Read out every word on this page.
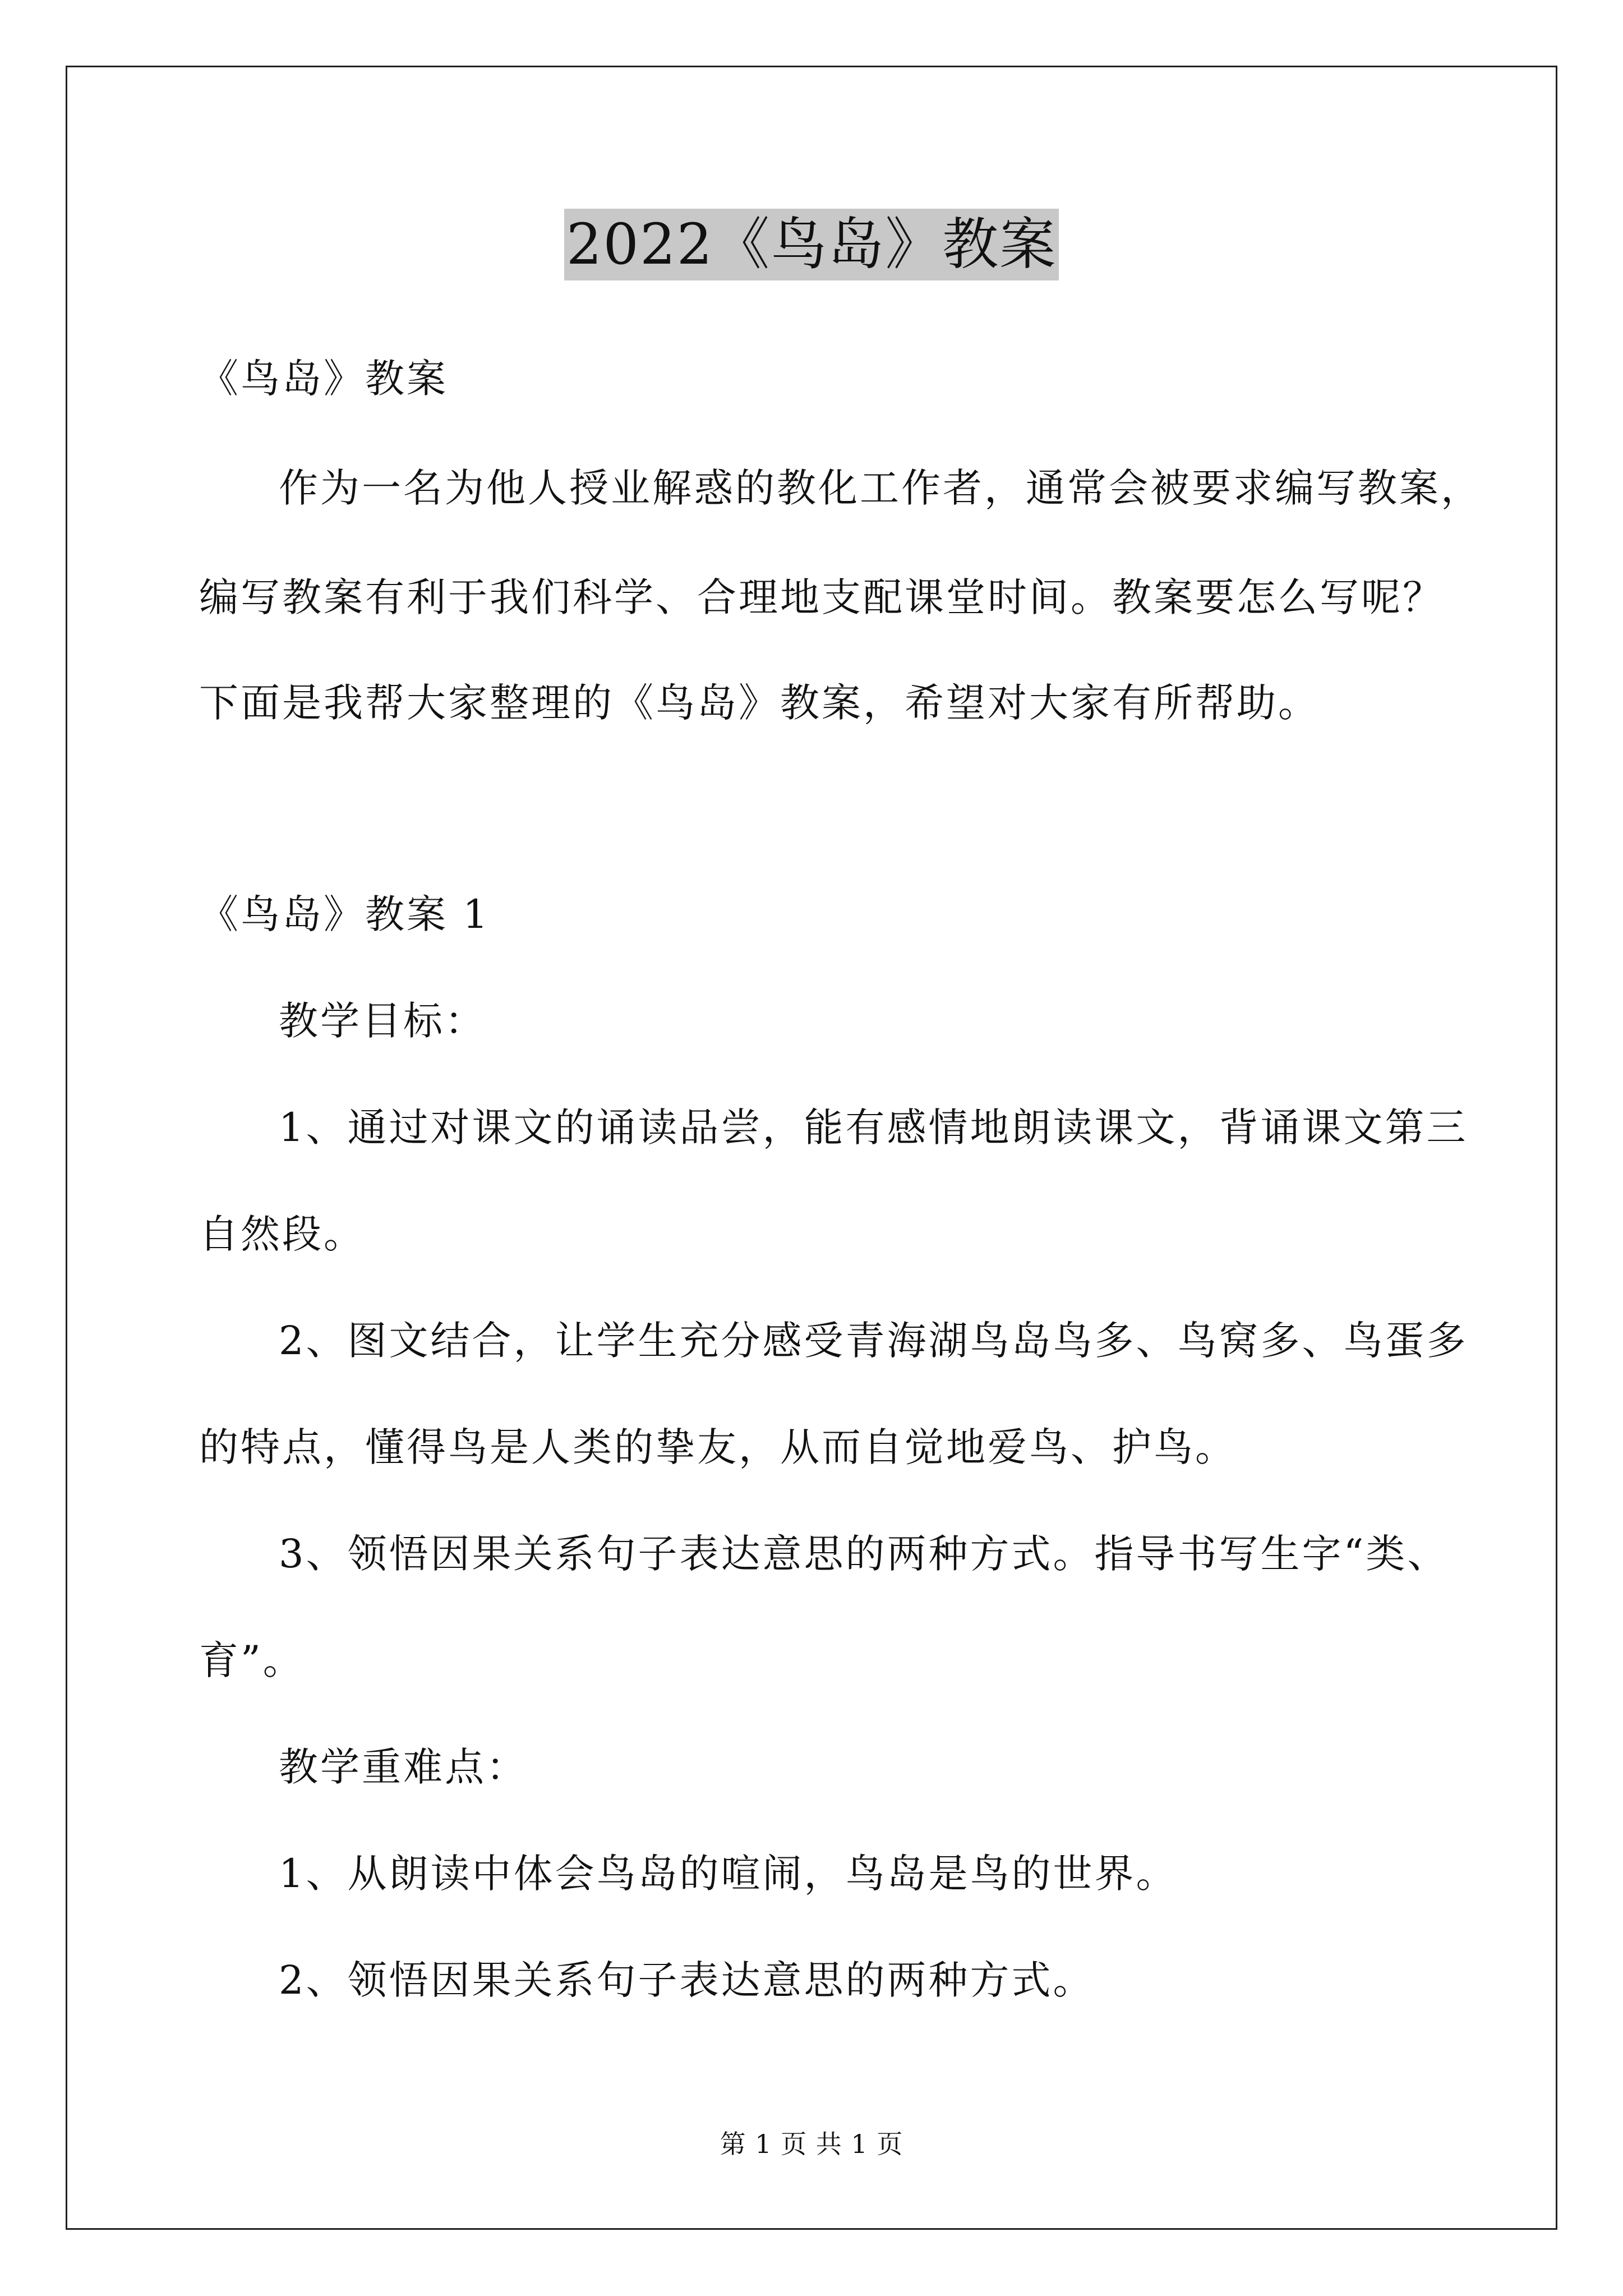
2022《鸟岛》教案
《鸟岛》教案
作为一名为他人授业解惑的教化工作者，通常会被要求编写教案，
编写教案有利于我们科学、合理地支配课堂时间。教案要怎么写呢？
下面是我帮大家整理的《鸟岛》教案，希望对大家有所帮助。
《鸟岛》教案 1
教学目标：
1、通过对课文的诵读品尝，能有感情地朗读课文，背诵课文第三
自然段。
2、图文结合，让学生充分感受青海湖鸟岛鸟多、鸟窝多、鸟蛋多
的特点，懂得鸟是人类的挚友，从而自觉地爱鸟、护鸟。
3、领悟因果关系句子表达意思的两种方式。指导书写生字“类、
育”。
教学重难点：
1、从朗读中体会鸟岛的喧闹，鸟岛是鸟的世界。
2、领悟因果关系句子表达意思的两种方式。
第 1 页 共 1 页
